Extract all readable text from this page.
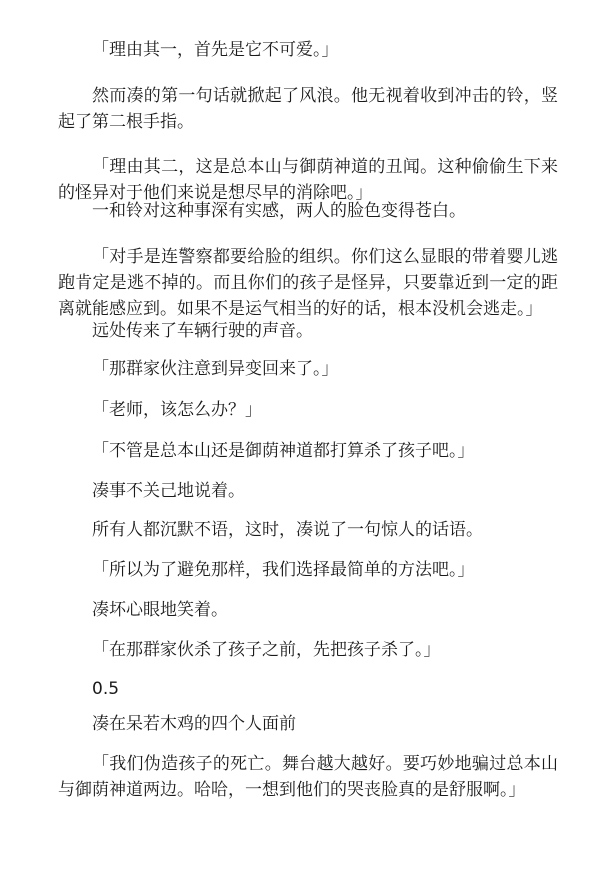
「理由其一，首先是它不可爱。」

然而凑的第一句话就掀起了风浪。他无视着收到冲击的铃，竖起了第二根手指。

「理由其二，这是总本山与御荫神道的丑闻。这种偷偷生下来的怪异对于他们来说是想尽早的消除吧。」

一和铃对这种事深有实感，两人的脸色变得苍白。

「对手是连警察都要给脸的组织。你们这么显眼的带着婴儿逃跑肯定是逃不掉的。而且你们的孩子是怪异，只要靠近到一定的距离就能感应到。如果不是运气相当的好的话，根本没机会逃走。」

远处传来了车辆行驶的声音。

「那群家伙注意到异变回来了。」

「老师，该怎么办？」

「不管是总本山还是御荫神道都打算杀了孩子吧。」

凑事不关己地说着。

所有人都沉默不语，这时，凑说了一句惊人的话语。

「所以为了避免那样，我们选择最简单的方法吧。」

凑坏心眼地笑着。

「在那群家伙杀了孩子之前，先把孩子杀了。」

0.5

凑在呆若木鸡的四个人面前

「我们伪造孩子的死亡。舞台越大越好。要巧妙地骗过总本山与御荫神道两边。哈哈，一想到他们的哭丧脸真的是舒服啊。」
